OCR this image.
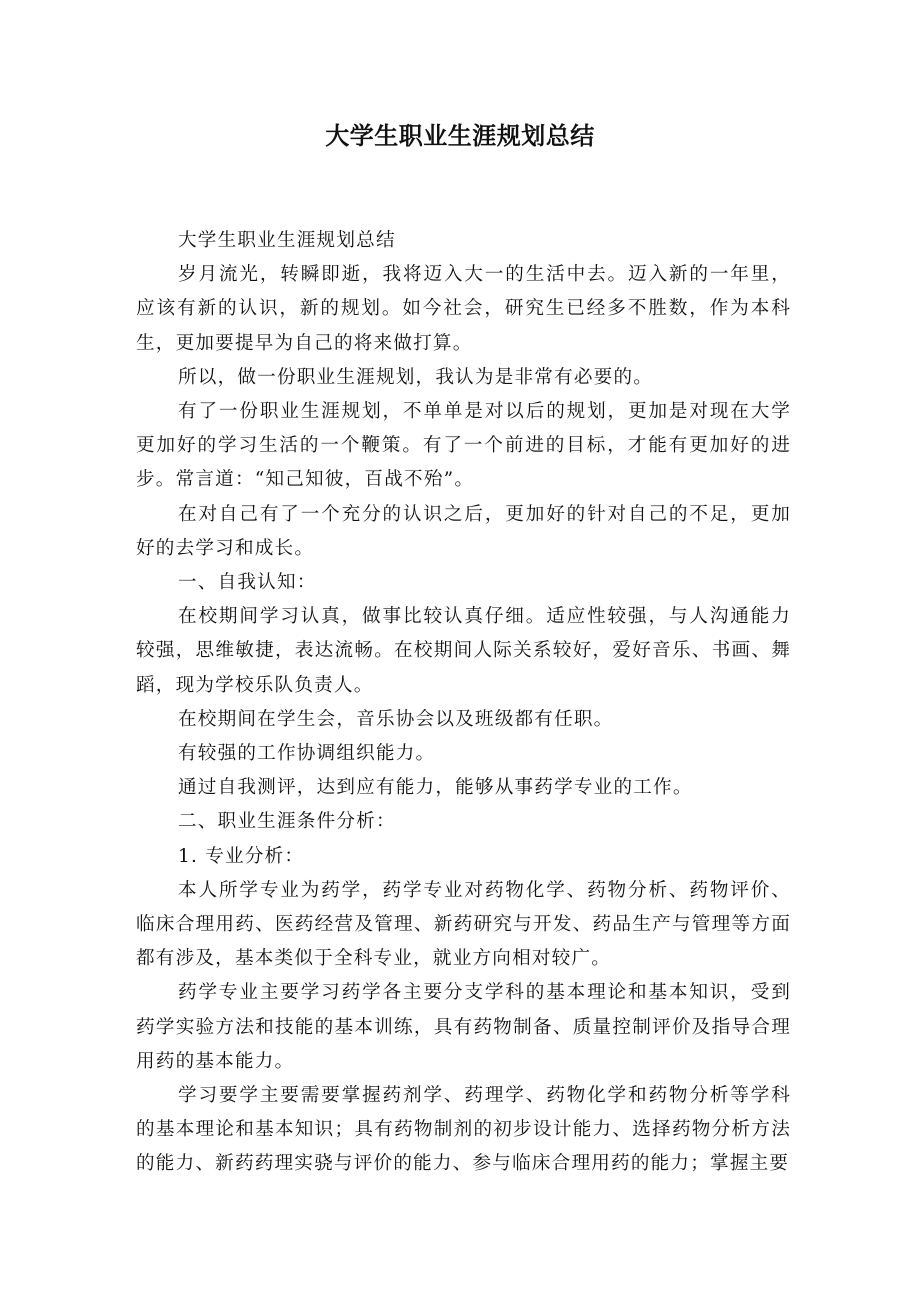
大学生职业生涯规划总结

大学生职业生涯规划总结

岁月流光，转瞬即逝，我将迈入大一的生活中去。迈入新的一年里，应该有新的认识，新的规划。如今社会，研究生已经多不胜数，作为本科生，更加要提早为自己的将来做打算。

所以，做一份职业生涯规划，我认为是非常有必要的。

有了一份职业生涯规划，不单单是对以后的规划，更加是对现在大学更加好的学习生活的一个鞭策。有了一个前进的目标，才能有更加好的进步。常言道：“知己知彼，百战不殆”。

在对自己有了一个充分的认识之后，更加好的针对自己的不足，更加好的去学习和成长。

一、自我认知：

在校期间学习认真，做事比较认真仔细。适应性较强，与人沟通能力较强，思维敏捷，表达流畅。在校期间人际关系较好，爱好音乐、书画、舞蹈，现为学校乐队负责人。

在校期间在学生会，音乐协会以及班级都有任职。

有较强的工作协调组织能力。

通过自我测评，达到应有能力，能够从事药学专业的工作。

二、职业生涯条件分析：

1. 专业分析：

本人所学专业为药学，药学专业对药物化学、药物分析、药物评价、临床合理用药、医药经营及管理、新药研究与开发、药品生产与管理等方面都有涉及，基本类似于全科专业，就业方向相对较广。

药学专业主要学习药学各主要分支学科的基本理论和基本知识，受到药学实验方法和技能的基本训练，具有药物制备、质量控制评价及指导合理用药的基本能力。

学习要学主要需要掌握药剂学、药理学、药物化学和药物分析等学科的基本理论和基本知识；具有药物制剂的初步设计能力、选择药物分析方法的能力、新药药理实骁与评价的能力、参与临床合理用药的能力；掌握主要
